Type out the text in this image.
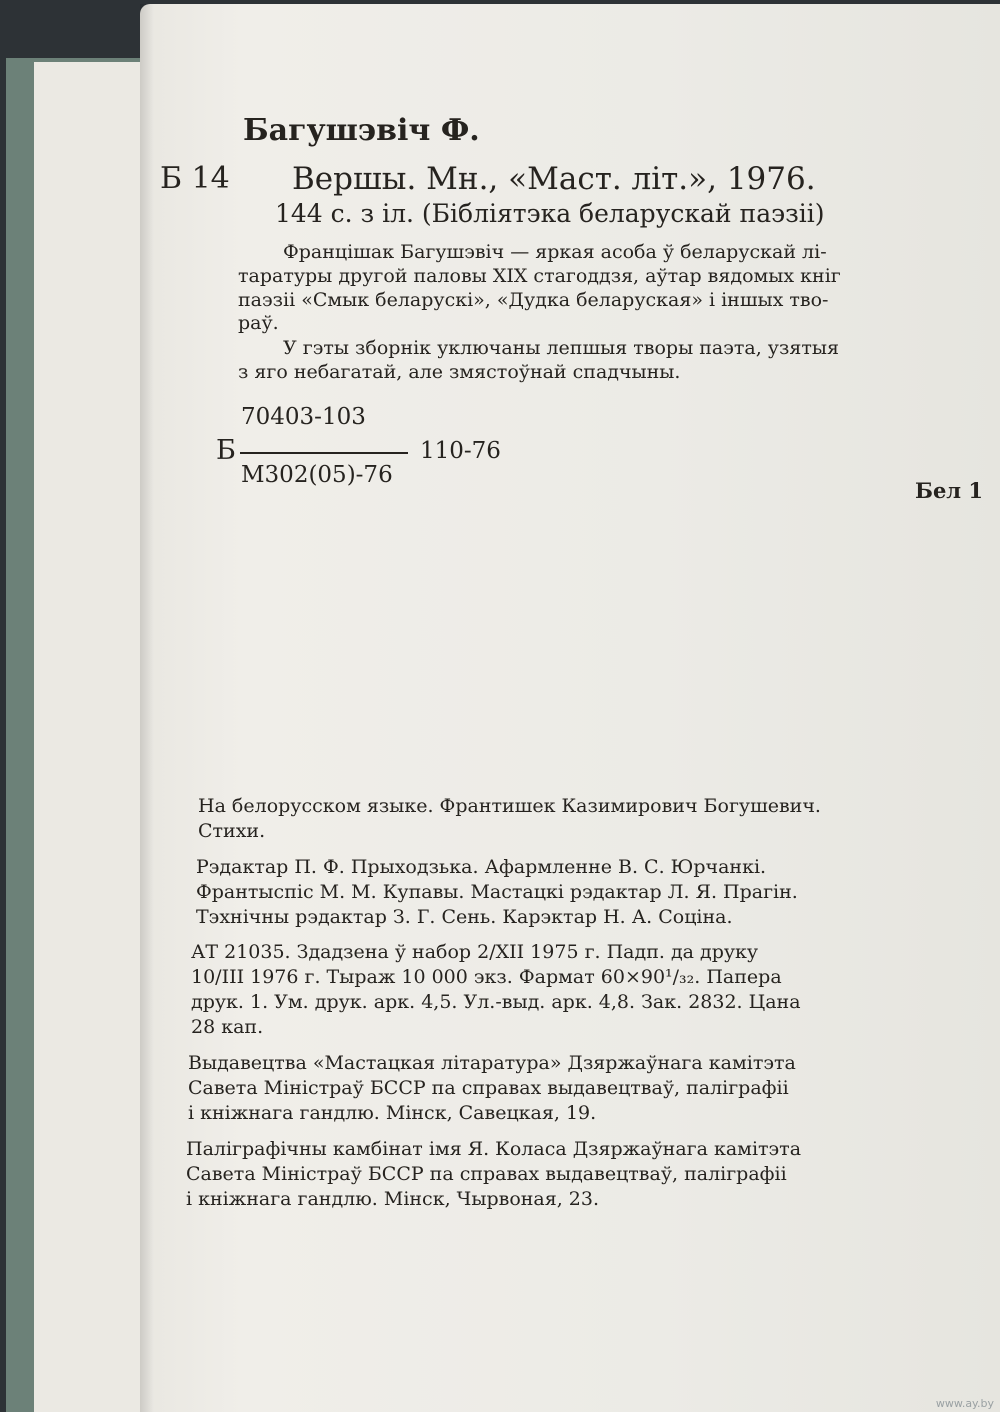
Багушэвіч Ф.
Б 14 Вершы. Мн., «Маст. літ.», 1976.
144 с. з іл. (Бібліятэка беларускай паэзіі)
Францішак Багушэвіч — яркая асоба ў беларускай лі-
таратуры другой паловы XIX стагоддзя, аўтар вядомых кніг
паэзіі «Смык беларускі», «Дудка беларуская» і іншых тво-
раў.
У гэты зборнік уключаны лепшыя творы паэта, узятыя
з яго небагатай, але змястоўнай спадчыны.
70403-103
Б	110-76
М302(05)-76
Бел 1
На белорусском языке. Франтишек Казимирович Богушевич.
Стихи.
Рэдактар П. Ф. Прыходзька. Афармленне В. С. Юрчанкі.
Франтыспіс М. М. Купавы. Мастацкі рэдактар Л. Я. Прагін.
Тэхнічны рэдактар З. Г. Сень. Карэктар Н. А. Соціна.
АТ 21035. Здадзена ў набор 2/XII 1975 г. Падп. да друку
10/III 1976 г. Тыраж 10 000 экз. Фармат 60×90¹/₃₂. Папера
друк. 1. Ум. друк. арк. 4,5. Ул.-выд. арк. 4,8. Зак. 2832. Цана
28 кап.
Выдавецтва «Мастацкая літаратура» Дзяржаўнага камітэта
Савета Міністраў БССР па справах выдавецтваў, паліграфіі
і кніжнага гандлю. Мінск, Савецкая, 19.
Паліграфічны камбінат імя Я. Коласа Дзяржаўнага камітэта
Савета Міністраў БССР па справах выдавецтваў, паліграфіі
і кніжнага гандлю. Мінск, Чырвоная, 23.
www.ay.by
